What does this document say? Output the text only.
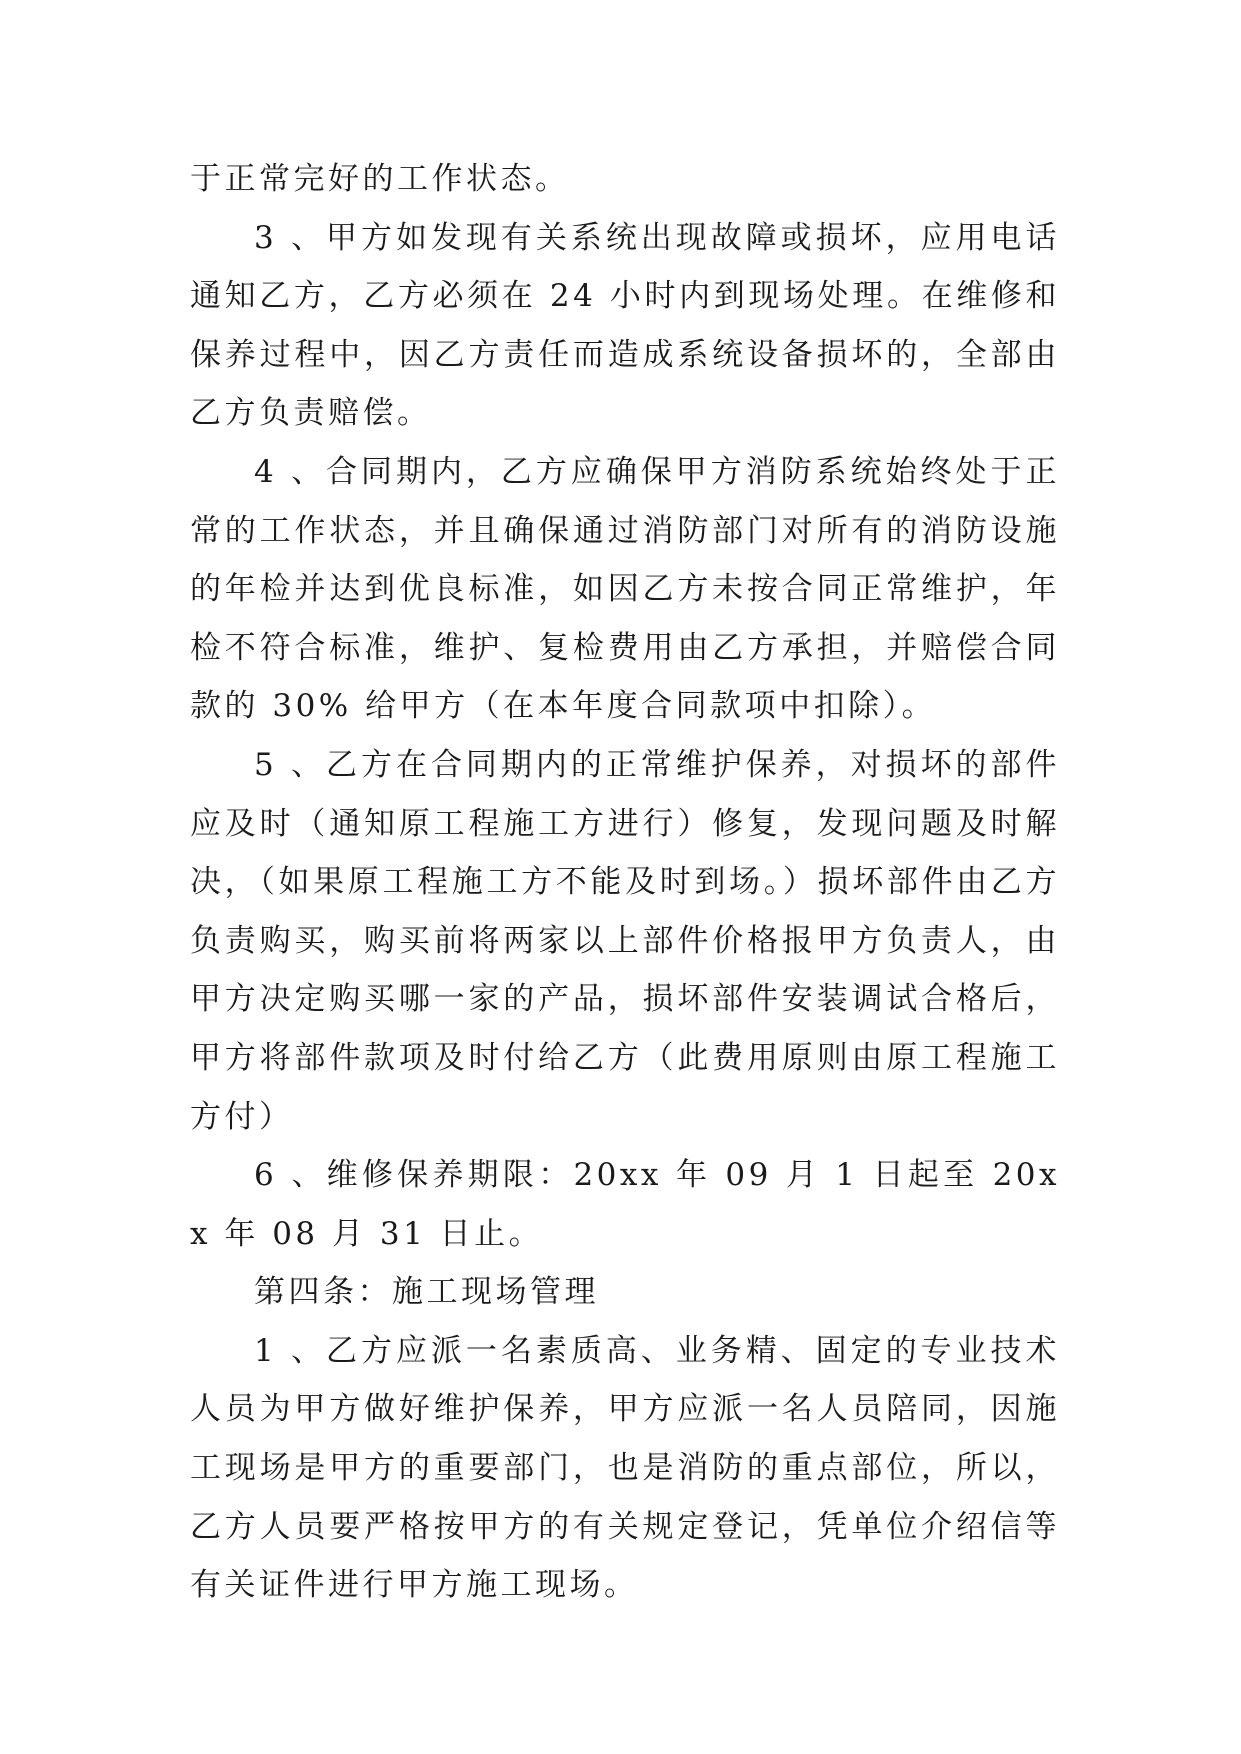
于正常完好的工作状态。

3 、甲方如发现有关系统出现故障或损坏，应用电话通知乙方，乙方必须在 24 小时内到现场处理。在维修和保养过程中，因乙方责任而造成系统设备损坏的，全部由乙方负责赔偿。

4 、合同期内，乙方应确保甲方消防系统始终处于正常的工作状态，并且确保通过消防部门对所有的消防设施的年检并达到优良标准，如因乙方未按合同正常维护，年检不符合标准，维护、复检费用由乙方承担，并赔偿合同款的 30% 给甲方（在本年度合同款项中扣除）。

5 、乙方在合同期内的正常维护保养，对损坏的部件应及时（通知原工程施工方进行）修复，发现问题及时解决，（如果原工程施工方不能及时到场。）损坏部件由乙方负责购买，购买前将两家以上部件价格报甲方负责人，由甲方决定购买哪一家的产品，损坏部件安装调试合格后，甲方将部件款项及时付给乙方（此费用原则由原工程施工方付）

6 、维修保养期限：20xx 年 09 月 1 日起至 20xx 年 08 月 31 日止。

第四条：施工现场管理

1 、乙方应派一名素质高、业务精、固定的专业技术人员为甲方做好维护保养，甲方应派一名人员陪同，因施工现场是甲方的重要部门，也是消防的重点部位，所以，乙方人员要严格按甲方的有关规定登记，凭单位介绍信等有关证件进行甲方施工现场。
